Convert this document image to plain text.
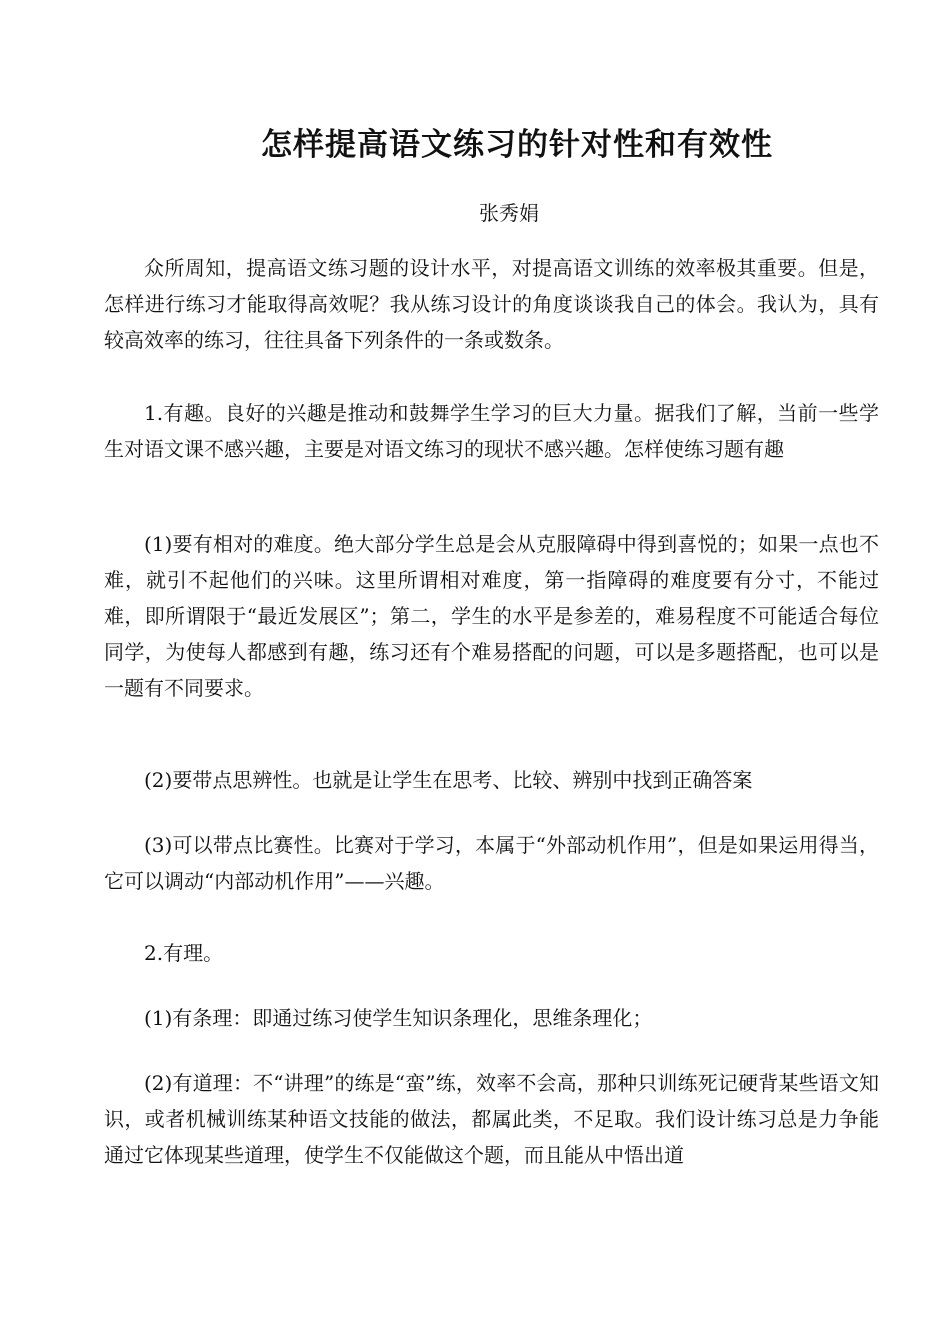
怎样提高语文练习的针对性和有效性
张秀娟

众所周知，提高语文练习题的设计水平，对提高语文训练的效率极其重要。但是，怎样进行练习才能取得高效呢？我从练习设计的角度谈谈我自己的体会。我认为，具有较高效率的练习，往往具备下列条件的一条或数条。

1.有趣。良好的兴趣是推动和鼓舞学生学习的巨大力量。据我们了解，当前一些学生对语文课不感兴趣，主要是对语文练习的现状不感兴趣。怎样使练习题有趣

(1)要有相对的难度。绝大部分学生总是会从克服障碍中得到喜悦的；如果一点也不难，就引不起他们的兴味。这里所谓相对难度，第一指障碍的难度要有分寸，不能过难，即所谓限于“最近发展区”；第二，学生的水平是参差的，难易程度不可能适合每位同学，为使每人都感到有趣，练习还有个难易搭配的问题，可以是多题搭配，也可以是一题有不同要求。

(2)要带点思辨性。也就是让学生在思考、比较、辨别中找到正确答案

(3)可以带点比赛性。比赛对于学习，本属于“外部动机作用”，但是如果运用得当，它可以调动“内部动机作用”——兴趣。

2.有理。

(1)有条理：即通过练习使学生知识条理化，思维条理化；

(2)有道理：不“讲理”的练是“蛮”练，效率不会高，那种只训练死记硬背某些语文知识，或者机械训练某种语文技能的做法，都属此类，不足取。我们设计练习总是力争能通过它体现某些道理，使学生不仅能做这个题，而且能从中悟出道
